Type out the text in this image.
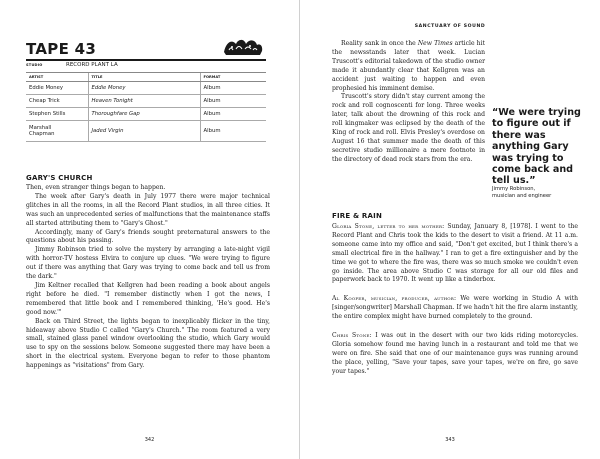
TAPE 43
STUDIO	RECORD PLANT LA
ARTIST	TITLE	FORMAT
Eddie Money	Eddie Money	Album
Cheap Trick	Heaven Tonight	Album
Stephen Stills	Thoroughfare Gap	Album
Marshall Chapman	Jaded Virgin	Album
GARY'S CHURCH

Then, even stranger things began to happen.

The week after Gary's death in July 1977 there were major technical glitches in all the rooms, in all the Record Plant studios, in all three cities. It was such an unprecedented series of malfunctions that the maintenance staffs all started attributing them to "Gary's Ghost."

Accordingly, many of Gary's friends sought preternatural answers to the questions about his passing.

Jimmy Robinson tried to solve the mystery by arranging a late-night vigil with horror-TV hostess Elvira to conjure up clues. "We were trying to figure out if there was anything that Gary was trying to come back and tell us from the dark."

Jim Keltner recalled that Kellgren had been reading a book about angels right before he died. "I remember distinctly when I got the news, I remembered that little book and I remembered thinking, 'He's good. He's good now.'"

Back on Third Street, the lights began to inexplicably flicker in the tiny, hideaway above Studio C called "Gary's Church." The room featured a very small, stained glass panel window overlooking the studio, which Gary would use to spy on the sessions below. Someone suggested there may have been a short in the electrical system. Everyone began to refer to those phantom happenings as "visitations" from Gary.

342
SANCTUARY OF SOUND

Reality sank in once the New Times article hit the newsstands later that week. Lucian Truscott's editorial takedown of the studio owner made it abundantly clear that Kellgren was an accident just waiting to happen and even prophesied his imminent demise.

Truscott's story didn't stay current among the rock and roll cognoscenti for long. Three weeks later, talk about the drowning of this rock and roll kingmaker was eclipsed by the death of the King of rock and roll. Elvis Presley's overdose on August 16 that summer made the death of this secretive studio millionaire a mere footnote in the directory of dead rock stars from the era.

“We were trying to figure out if there was anything Gary was trying to come back and tell us.”
Jimmy Robinson,
musician and engineer
FIRE & RAIN

Gloria Stone, letter to her mother: Sunday, January 8, [1978]. I went to the Record Plant and Chris took the kids to the desert to visit a friend. At 11 a.m. someone came into my office and said, "Don't get excited, but I think there's a small electrical fire in the hallway." I ran to get a fire extinguisher and by the time we got to where the fire was, there was so much smoke we couldn't even go inside. The area above Studio C was storage for all our old files and paperwork back to 1970. It went up like a tinderbox.

Al Kooper, musician, producer, author: We were working in Studio A with [singer/songwriter] Marshall Chapman. If we hadn't hit the fire alarm instantly, the entire complex might have burned completely to the ground.

Chris Stone: I was out in the desert with our two kids riding motorcycles. Gloria somehow found me having lunch in a restaurant and told me that we were on fire. She said that one of our maintenance guys was running around the place, yelling, "Save your tapes, save your tapes, we're on fire, go save your tapes."

343
